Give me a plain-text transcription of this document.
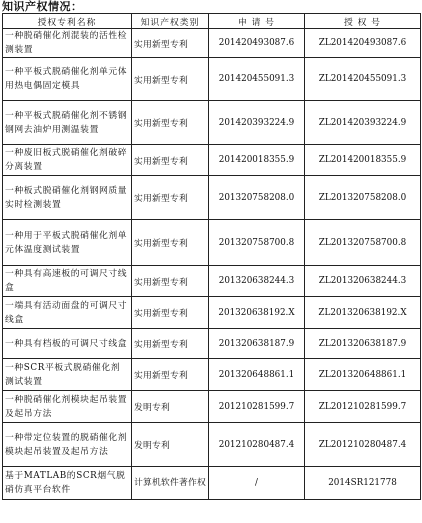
知识产权情况：
授权专利名称	知识产权类别	申 请 号	授 权 号
一种脱硝催化剂混装的活性检测装置	实用新型专利	201420493087.6	ZL201420493087.6
一种平板式脱硝催化剂单元体用热电偶固定模具	实用新型专利	201420455091.3	ZL201420455091.3
一种平板式脱硝催化剂不锈钢钢网去油炉用测温装置	实用新型专利	201420393224.9	ZL201420393224.9
一种废旧板式脱硝催化剂破碎分离装置	实用新型专利	201420018355.9	ZL201420018355.9
一种板式脱硝催化剂钢网质量实时检测装置	实用新型专利	201320758208.0	ZL201320758208.0
一种用于平板式脱硝催化剂单元体温度测试装置	实用新型专利	201320758700.8	ZL201320758700.8
一种具有高速板的可调尺寸线盒	实用新型专利	201320638244.3	ZL201320638244.3
一端具有活动面盘的可调尺寸线盒	实用新型专利	201320638192.X	ZL201320638192.X
一种具有档板的可调尺寸线盒	实用新型专利	201320638187.9	ZL201320638187.9
一种SCR平板式脱硝催化剂测试装置	实用新型专利	201320648861.1	ZL201320648861.1
一种脱硝催化剂模块起吊装置及起吊方法	发明专利	201210281599.7	ZL201210281599.7
一种带定位装置的脱硝催化剂模块起吊装置及起吊方法	发明专利	201210280487.4	ZL201210280487.4
基于MATLAB的SCR烟气脱硝仿真平台软件	计算机软件著作权	/	2014SR121778
